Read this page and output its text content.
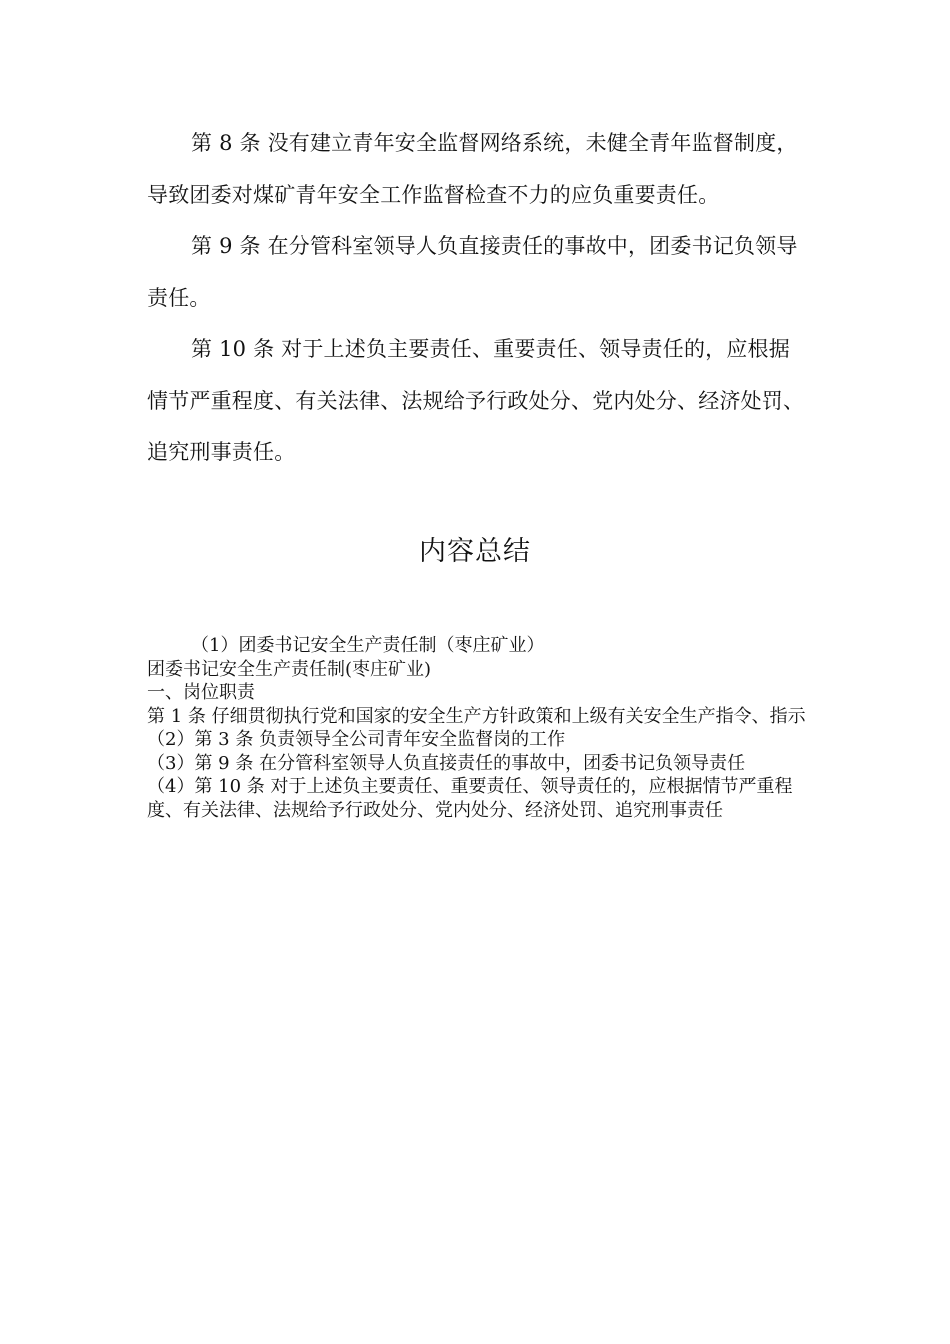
第 8 条 没有建立青年安全监督网络系统，未健全青年监督制度，导致团委对煤矿青年安全工作监督检查不力的应负重要责任。

第 9 条 在分管科室领导人负直接责任的事故中，团委书记负领导责任。

第 10 条 对于上述负主要责任、重要责任、领导责任的，应根据情节严重程度、有关法律、法规给予行政处分、党内处分、经济处罚、追究刑事责任。

内容总结

（1）团委书记安全生产责任制（枣庄矿业）

团委书记安全生产责任制(枣庄矿业)

一、岗位职责

第 1 条 仔细贯彻执行党和国家的安全生产方针政策和上级有关安全生产指令、指示

（2）第 3 条 负责领导全公司青年安全监督岗的工作

（3）第 9 条 在分管科室领导人负直接责任的事故中，团委书记负领导责任

（4）第 10 条 对于上述负主要责任、重要责任、领导责任的，应根据情节严重程度、有关法律、法规给予行政处分、党内处分、经济处罚、追究刑事责任
